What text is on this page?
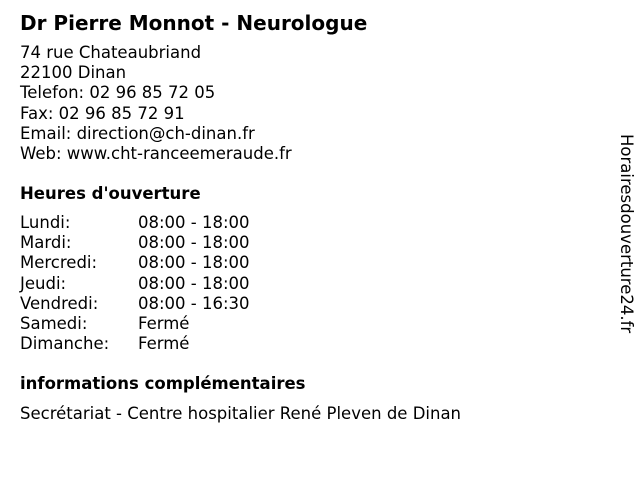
Dr Pierre Monnot - Neurologue
74 rue Chateaubriand
22100 Dinan
Telefon: 02 96 85 72 05
Fax: 02 96 85 72 91
Email: direction@ch-dinan.fr
Web: www.cht-ranceemeraude.fr
Heures d'ouverture
Lundi:	08:00 - 18:00
Mardi:	08:00 - 18:00
Mercredi: 08:00 - 18:00
Jeudi:	08:00 - 18:00
Vendredi: 08:00 - 16:30
Samedi:	Fermé
Dimanche: Fermé
informations complémentaires
Secrétariat - Centre hospitalier René Pleven de Dinan
Horairesdouverture24.fr
